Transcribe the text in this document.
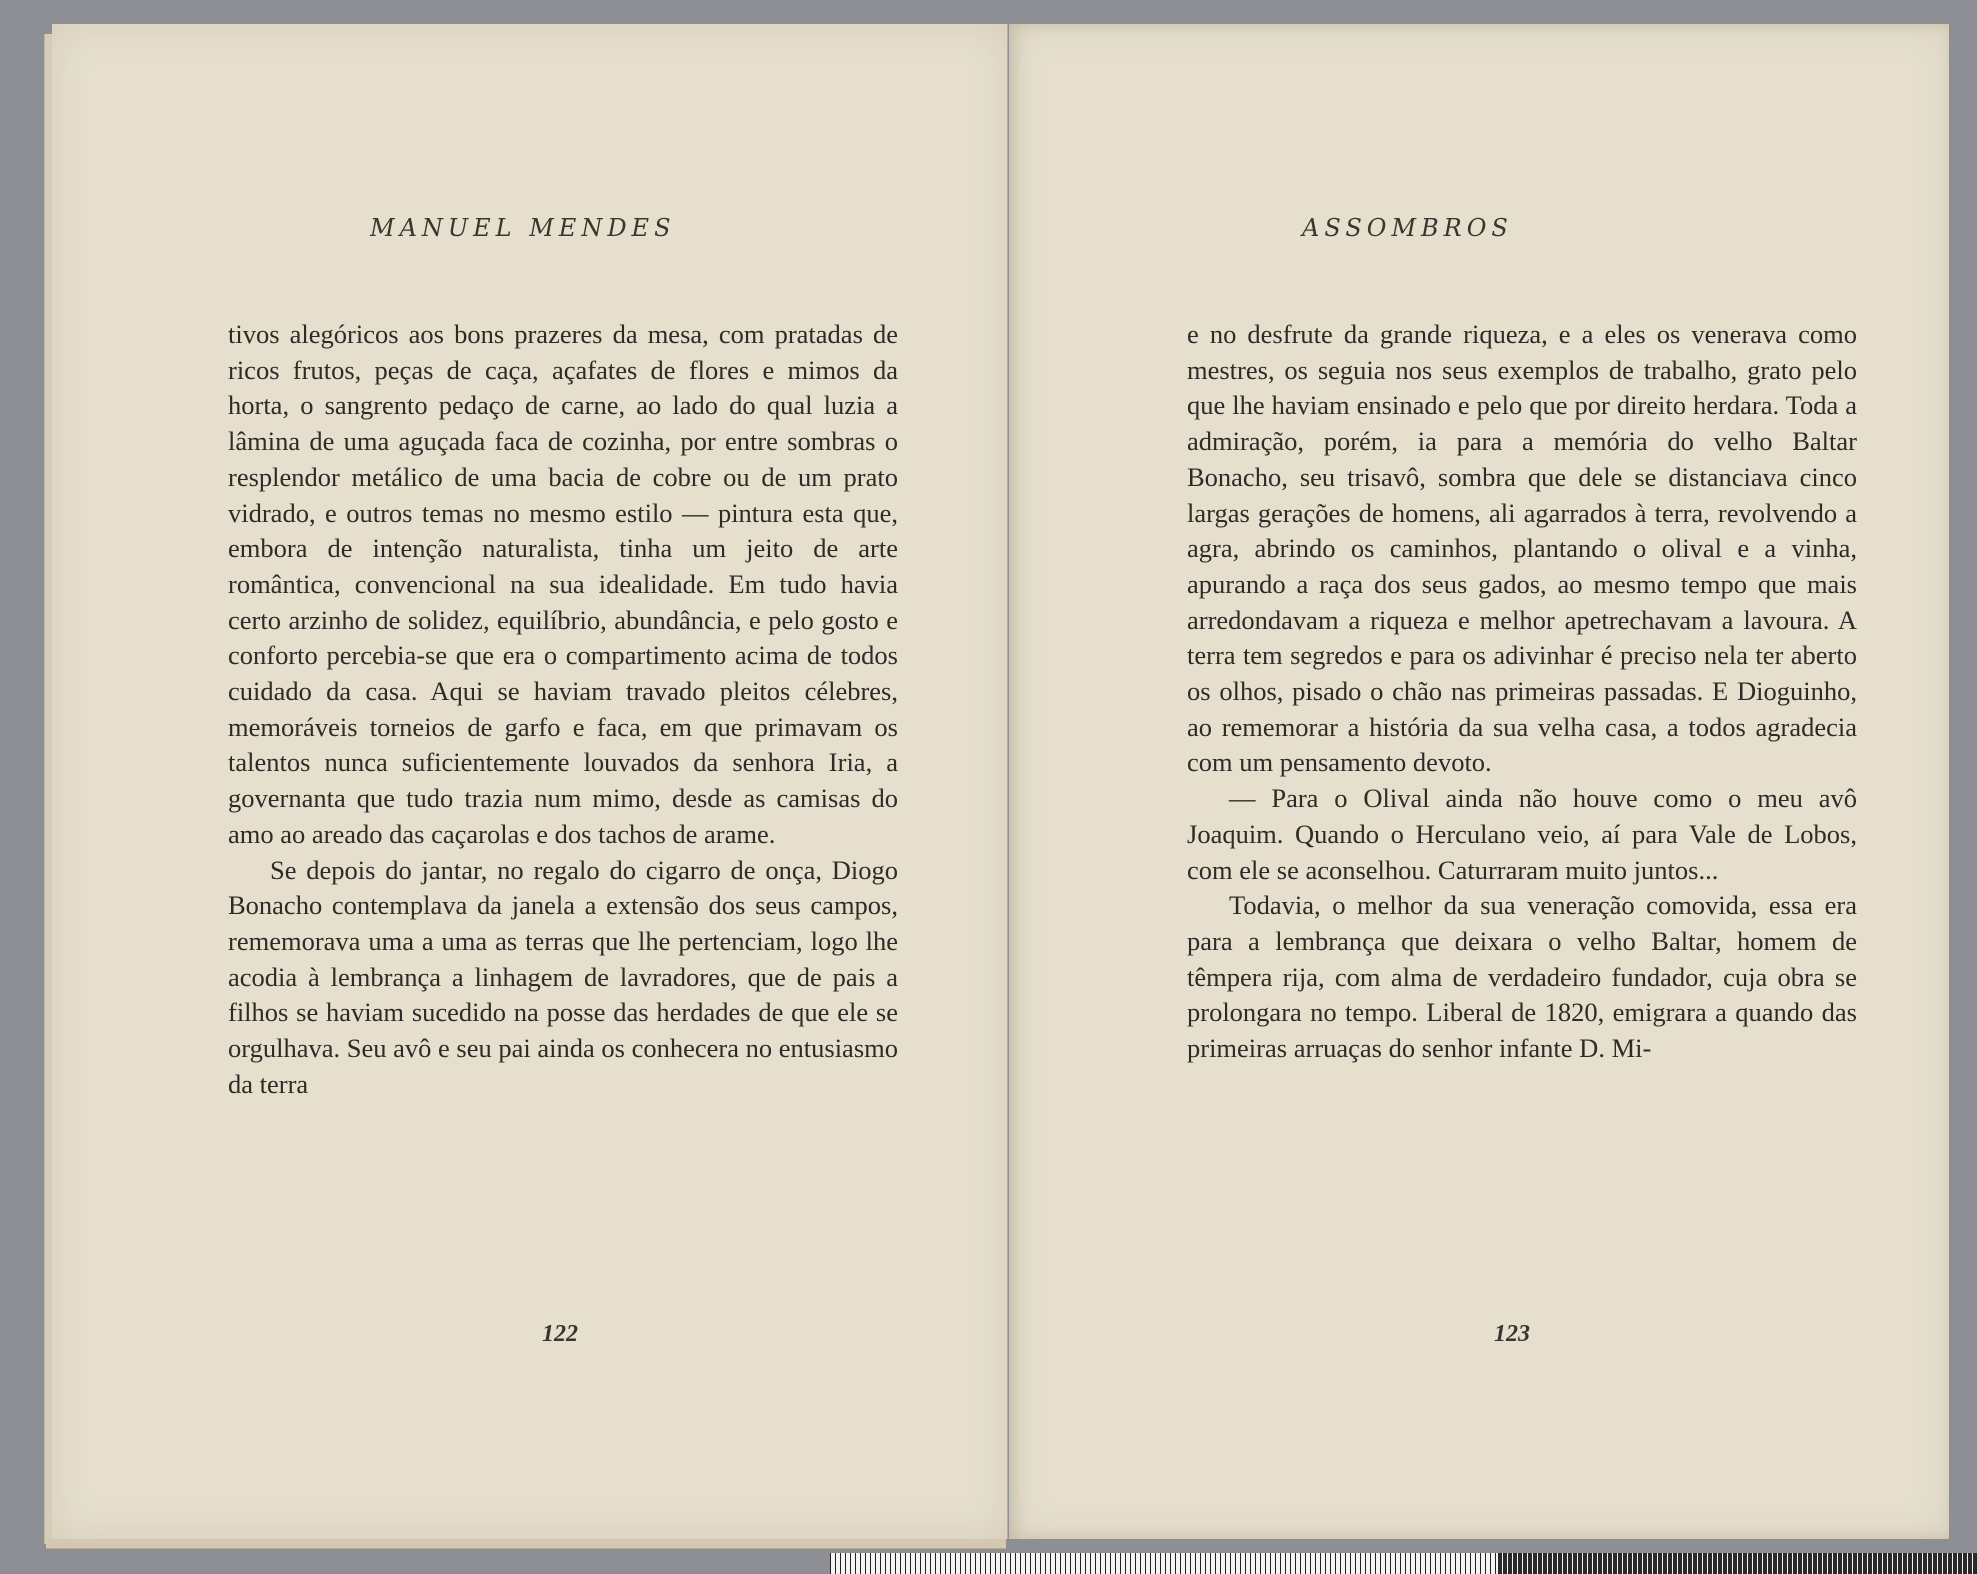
MANUEL MENDES

tivos alegóricos aos bons prazeres da mesa, com pratadas de ricos frutos, peças de caça, açafates de flores e mimos da horta, o sangrento pedaço de carne, ao lado do qual luzia a lâmina de uma aguçada faca de cozinha, por entre sombras o resplendor metálico de uma bacia de cobre ou de um prato vidrado, e outros temas no mesmo estilo — pintura esta que, embora de intenção naturalista, tinha um jeito de arte romântica, convencional na sua idealidade. Em tudo havia certo arzinho de solidez, equilíbrio, abundância, e pelo gosto e conforto percebia-se que era o compartimento acima de todos cuidado da casa. Aqui se haviam travado pleitos célebres, memoráveis torneios de garfo e faca, em que primavam os talentos nunca suficientemente louvados da senhora Iria, a governanta que tudo trazia num mimo, desde as camisas do amo ao areado das caçarolas e dos tachos de arame.

Se depois do jantar, no regalo do cigarro de onça, Diogo Bonacho contemplava da janela a extensão dos seus campos, rememorava uma a uma as terras que lhe pertenciam, logo lhe acodia à lembrança a linhagem de lavradores, que de pais a filhos se haviam sucedido na posse das herdades de que ele se orgulhava. Seu avô e seu pai ainda os conhecera no entusiasmo da terra

122

ASSOMBROS

e no desfrute da grande riqueza, e a eles os venerava como mestres, os seguia nos seus exemplos de trabalho, grato pelo que lhe haviam ensinado e pelo que por direito herdara. Toda a admiração, porém, ia para a memória do velho Baltar Bonacho, seu trisavô, sombra que dele se distanciava cinco largas gerações de homens, ali agarrados à terra, revolvendo a agra, abrindo os caminhos, plantando o olival e a vinha, apurando a raça dos seus gados, ao mesmo tempo que mais arredondavam a riqueza e melhor apetrechavam a lavoura. A terra tem segredos e para os adivinhar é preciso nela ter aberto os olhos, pisado o chão nas primeiras passadas. E Dioguinho, ao rememorar a história da sua velha casa, a todos agradecia com um pensamento devoto.

— Para o Olival ainda não houve como o meu avô Joaquim. Quando o Herculano veio, aí para Vale de Lobos, com ele se aconselhou. Caturraram muito juntos...

Todavia, o melhor da sua veneração comovida, essa era para a lembrança que deixara o velho Baltar, homem de têmpera rija, com alma de verdadeiro fundador, cuja obra se prolongara no tempo. Liberal de 1820, emigrara a quando das primeiras arruaças do senhor infante D. Mi-

123
